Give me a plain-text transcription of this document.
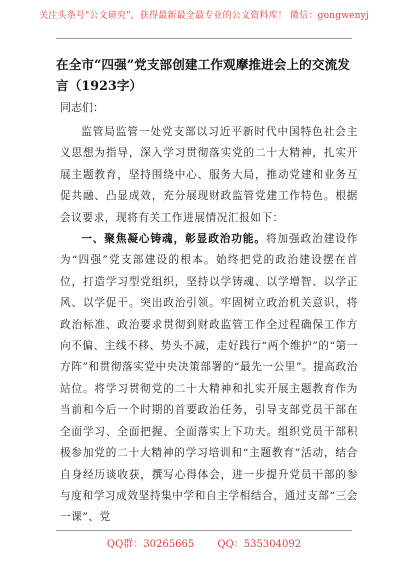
关注头条号"公文研究"，获得最新最全最专业的公文资料库！ 微信：gongwenyj
在全市“四强”党支部创建工作观摩推进会上的交流发言（1923字）
同志们：

监管局监管一处党支部以习近平新时代中国特色社会主义思想为指导，深入学习贯彻落实党的二十大精神，扎实开展主题教育，坚持围绕中心、服务大局，推动党建和业务互促共融、凸显成效，充分展现财政监管党建工作特色。根据会议要求，现将有关工作进展情况汇报如下：

一、聚焦凝心铸魂，彰显政治功能。将加强政治建设作为“四强”党支部建设的根本。始终把党的政治建设摆在首位，打造学习型党组织，坚持以学铸魂、以学增智、以学正风、以学促干。突出政治引领。牢固树立政治机关意识，将政治标准、政治要求贯彻到财政监管工作全过程确保工作方向不偏、主线不移、势头不减，走好践行“两个维护”的“第一方阵”和贯彻落实党中央决策部署的“最先一公里”。提高政治站位。将学习贯彻党的二十大精神和扎实开展主题教育作为当前和今后一个时期的首要政治任务，引导支部党员干部在全面学习、全面把握、全面落实上下功夫。组织党员干部积极参加党的二十大精神的学习培训和“主题教育”活动，结合自身经历谈收获，撰写心得体会，进一步提升党员干部的参与度和学习成效坚持集中学和自主学相结合，通过支部“三会一课”、党

QQ群：30265665 QQ：535304092
